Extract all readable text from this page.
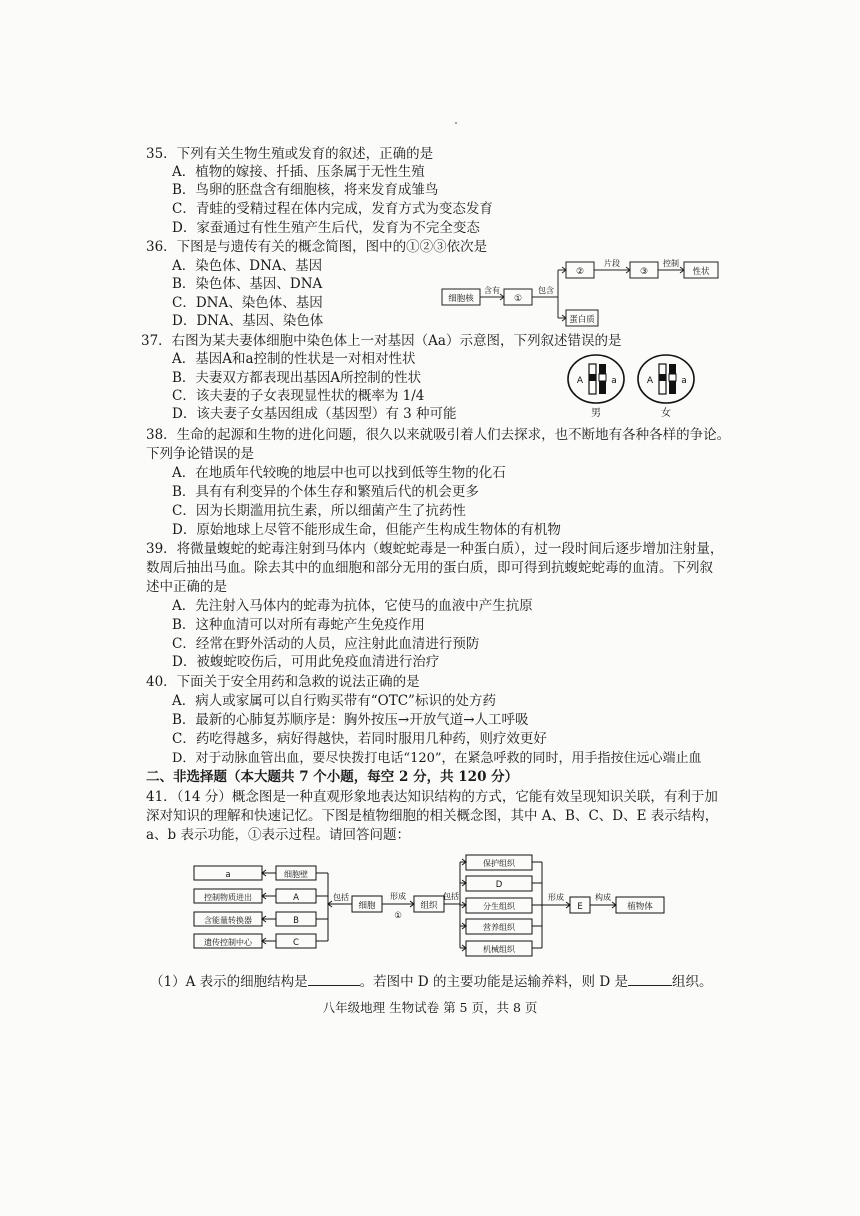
35．下列有关生物生殖或发育的叙述，正确的是
A．植物的嫁接、扦插、压条属于无性生殖
B．鸟卵的胚盘含有细胞核，将来发育成雏鸟
C．青蛙的受精过程在体内完成，发育方式为变态发育
D．家蚕通过有性生殖产生后代，发育为不完全变态
36．下图是与遗传有关的概念简图，图中的①②③依次是
A．染色体、DNA、基因
B．染色体、基因、DNA
C．DNA、染色体、基因
D．DNA、基因、染色体
细胞核
含有
①
包含
②
片段
③
控制
性状
蛋白质
37．右图为某夫妻体细胞中染色体上一对基因（Aa）示意图，下列叙述错误的是
A．基因A和a控制的性状是一对相对性状
B．夫妻双方都表现出基因A所控制的性状
C．该夫妻的子女表现显性状的概率为 1/4
D．该夫妻子女基因组成（基因型）有 3 种可能
A	a
男
A	a
女
38．生命的起源和生物的进化问题，很久以来就吸引着人们去探求，也不断地有各种各样的争论。
下列争论错误的是
A．在地质年代较晚的地层中也可以找到低等生物的化石
B．具有有利变异的个体生存和繁殖后代的机会更多
C．因为长期滥用抗生素，所以细菌产生了抗药性
D．原始地球上尽管不能形成生命，但能产生构成生物体的有机物
39．将微量蝮蛇的蛇毒注射到马体内（蝮蛇蛇毒是一种蛋白质），过一段时间后逐步增加注射量，
数周后抽出马血。除去其中的血细胞和部分无用的蛋白质，即可得到抗蝮蛇蛇毒的血清。下列叙
述中正确的是
A．先注射入马体内的蛇毒为抗体，它使马的血液中产生抗原
B．这种血清可以对所有毒蛇产生免疫作用
C．经常在野外活动的人员，应注射此血清进行预防
D．被蝮蛇咬伤后，可用此免疫血清进行治疗
40．下面关于安全用药和急救的说法正确的是
A．病人或家属可以自行购买带有“OTC”标识的处方药
B．最新的心肺复苏顺序是：胸外按压→开放气道→人工呼吸
C．药吃得越多，病好得越快，若同时服用几种药，则疗效更好
D．对于动脉血管出血，要尽快拨打电话“120”，在紧急呼救的同时，用手指按住远心端止血
二、非选择题（本大题共 7 个小题，每空 2 分，共 120 分）
41．（14 分）概念图是一种直观形象地表达知识结构的方式，它能有效呈现知识关联，有利于加
深对知识的理解和快速记忆。下图是植物细胞的相关概念图，其中 A、B、C、D、E 表示结构，
a、b 表示功能，①表示过程。请回答问题：
a
控制物质进出
含能量转换器
遗传控制中心
细胞壁
A
B
C
包括
细胞
形成
①
组织
包括
保护组织
D
分生组织
营养组织
机械组织
形成
E
构成
植物体
（1）A 表示的细胞结构是	。若图中 D 的主要功能是运输养料，则 D 是	组织。
八年级地理 生物试卷 第 5 页，共 8 页
